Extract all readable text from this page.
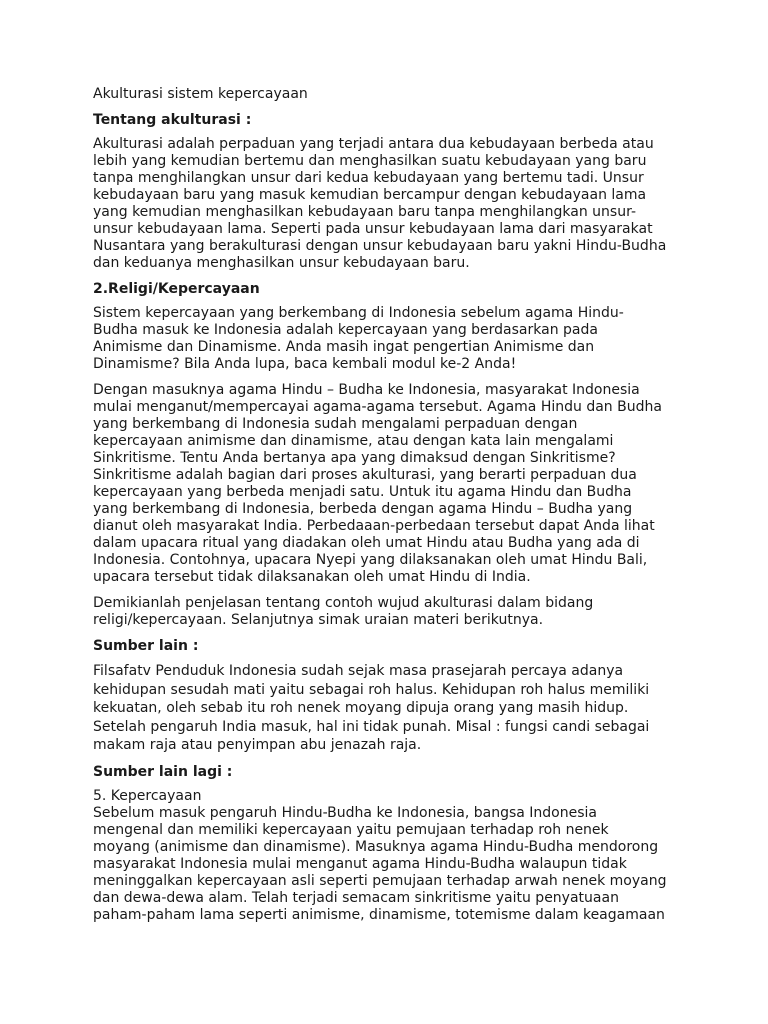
Akulturasi sistem kepercayaan

Tentang akulturasi :

Akulturasi adalah perpaduan yang terjadi antara dua kebudayaan berbeda atau
lebih yang kemudian bertemu dan menghasilkan suatu kebudayaan yang baru
tanpa menghilangkan unsur dari kedua kebudayaan yang bertemu tadi. Unsur
kebudayaan baru yang masuk kemudian bercampur dengan kebudayaan lama
yang kemudian menghasilkan kebudayaan baru tanpa menghilangkan unsur-
unsur kebudayaan lama. Seperti pada unsur kebudayaan lama dari masyarakat
Nusantara yang berakulturasi dengan unsur kebudayaan baru yakni Hindu-Budha
dan keduanya menghasilkan unsur kebudayaan baru.

2.Religi/Kepercayaan

Sistem kepercayaan yang berkembang di Indonesia sebelum agama Hindu-
Budha masuk ke Indonesia adalah kepercayaan yang berdasarkan pada
Animisme dan Dinamisme. Anda masih ingat pengertian Animisme dan
Dinamisme? Bila Anda lupa, baca kembali modul ke-2 Anda!

Dengan masuknya agama Hindu – Budha ke Indonesia, masyarakat Indonesia
mulai menganut/mempercayai agama-agama tersebut. Agama Hindu dan Budha
yang berkembang di Indonesia sudah mengalami perpaduan dengan
kepercayaan animisme dan dinamisme, atau dengan kata lain mengalami
Sinkritisme. Tentu Anda bertanya apa yang dimaksud dengan Sinkritisme?
Sinkritisme adalah bagian dari proses akulturasi, yang berarti perpaduan dua
kepercayaan yang berbeda menjadi satu. Untuk itu agama Hindu dan Budha
yang berkembang di Indonesia, berbeda dengan agama Hindu – Budha yang
dianut oleh masyarakat India. Perbedaaan-perbedaan tersebut dapat Anda lihat
dalam upacara ritual yang diadakan oleh umat Hindu atau Budha yang ada di
Indonesia. Contohnya, upacara Nyepi yang dilaksanakan oleh umat Hindu Bali,
upacara tersebut tidak dilaksanakan oleh umat Hindu di India.

Demikianlah penjelasan tentang contoh wujud akulturasi dalam bidang
religi/kepercayaan. Selanjutnya simak uraian materi berikutnya.

Sumber lain :

Filsafatv Penduduk Indonesia sudah sejak masa prasejarah percaya adanya
kehidupan sesudah mati yaitu sebagai roh halus. Kehidupan roh halus memiliki
kekuatan, oleh sebab itu roh nenek moyang dipuja orang yang masih hidup.
Setelah pengaruh India masuk, hal ini tidak punah. Misal : fungsi candi sebagai
makam raja atau penyimpan abu jenazah raja.

Sumber lain lagi :

5. Kepercayaan
Sebelum masuk pengaruh Hindu-Budha ke Indonesia, bangsa Indonesia
mengenal dan memiliki kepercayaan yaitu pemujaan terhadap roh nenek
moyang (animisme dan dinamisme). Masuknya agama Hindu-Budha mendorong
masyarakat Indonesia mulai menganut agama Hindu-Budha walaupun tidak
meninggalkan kepercayaan asli seperti pemujaan terhadap arwah nenek moyang
dan dewa-dewa alam. Telah terjadi semacam sinkritisme yaitu penyatuaan
paham-paham lama seperti animisme, dinamisme, totemisme dalam keagamaan
